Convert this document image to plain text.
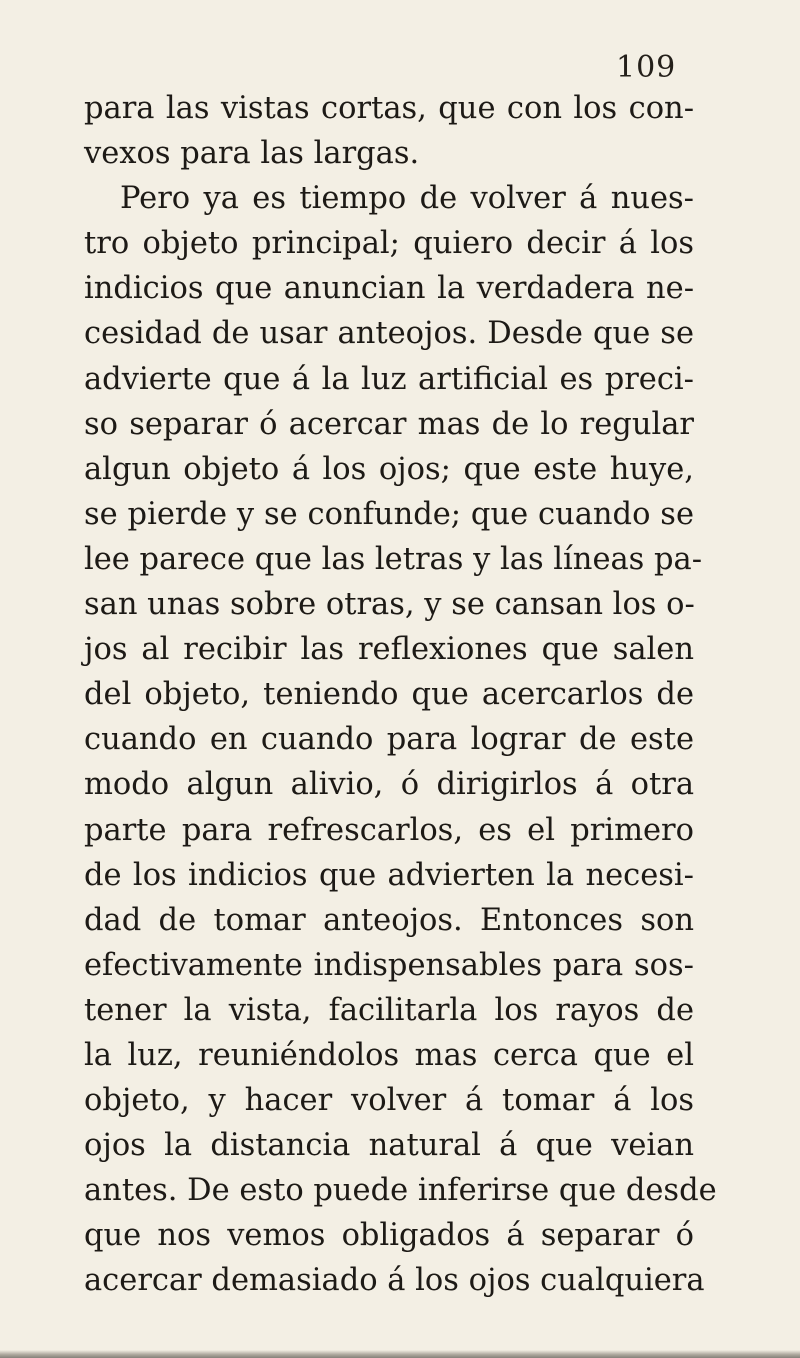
109
para las vistas cortas, que con los con-
vexos para las largas.
Pero ya es tiempo de volver á nues-
tro objeto principal; quiero decir á los
indicios que anuncian la verdadera ne-
cesidad de usar anteojos. Desde que se
advierte que á la luz artificial es preci-
so separar ó acercar mas de lo regular
algun objeto á los ojos; que este huye,
se pierde y se confunde; que cuando se
lee parece que las letras y las líneas pa-
san unas sobre otras, y se cansan los o-
jos al recibir las reflexiones que salen
del objeto, teniendo que acercarlos de
cuando en cuando para lograr de este
modo algun alivio, ó dirigirlos á otra
parte para refrescarlos, es el primero
de los indicios que advierten la necesi-
dad de tomar anteojos. Entonces son
efectivamente indispensables para sos-
tener la vista, facilitarla los rayos de
la luz, reuniéndolos mas cerca que el
objeto, y hacer volver á tomar á los
ojos la distancia natural á que veian
antes. De esto puede inferirse que desde
que nos vemos obligados á separar ó
acercar demasiado á los ojos cualquiera
